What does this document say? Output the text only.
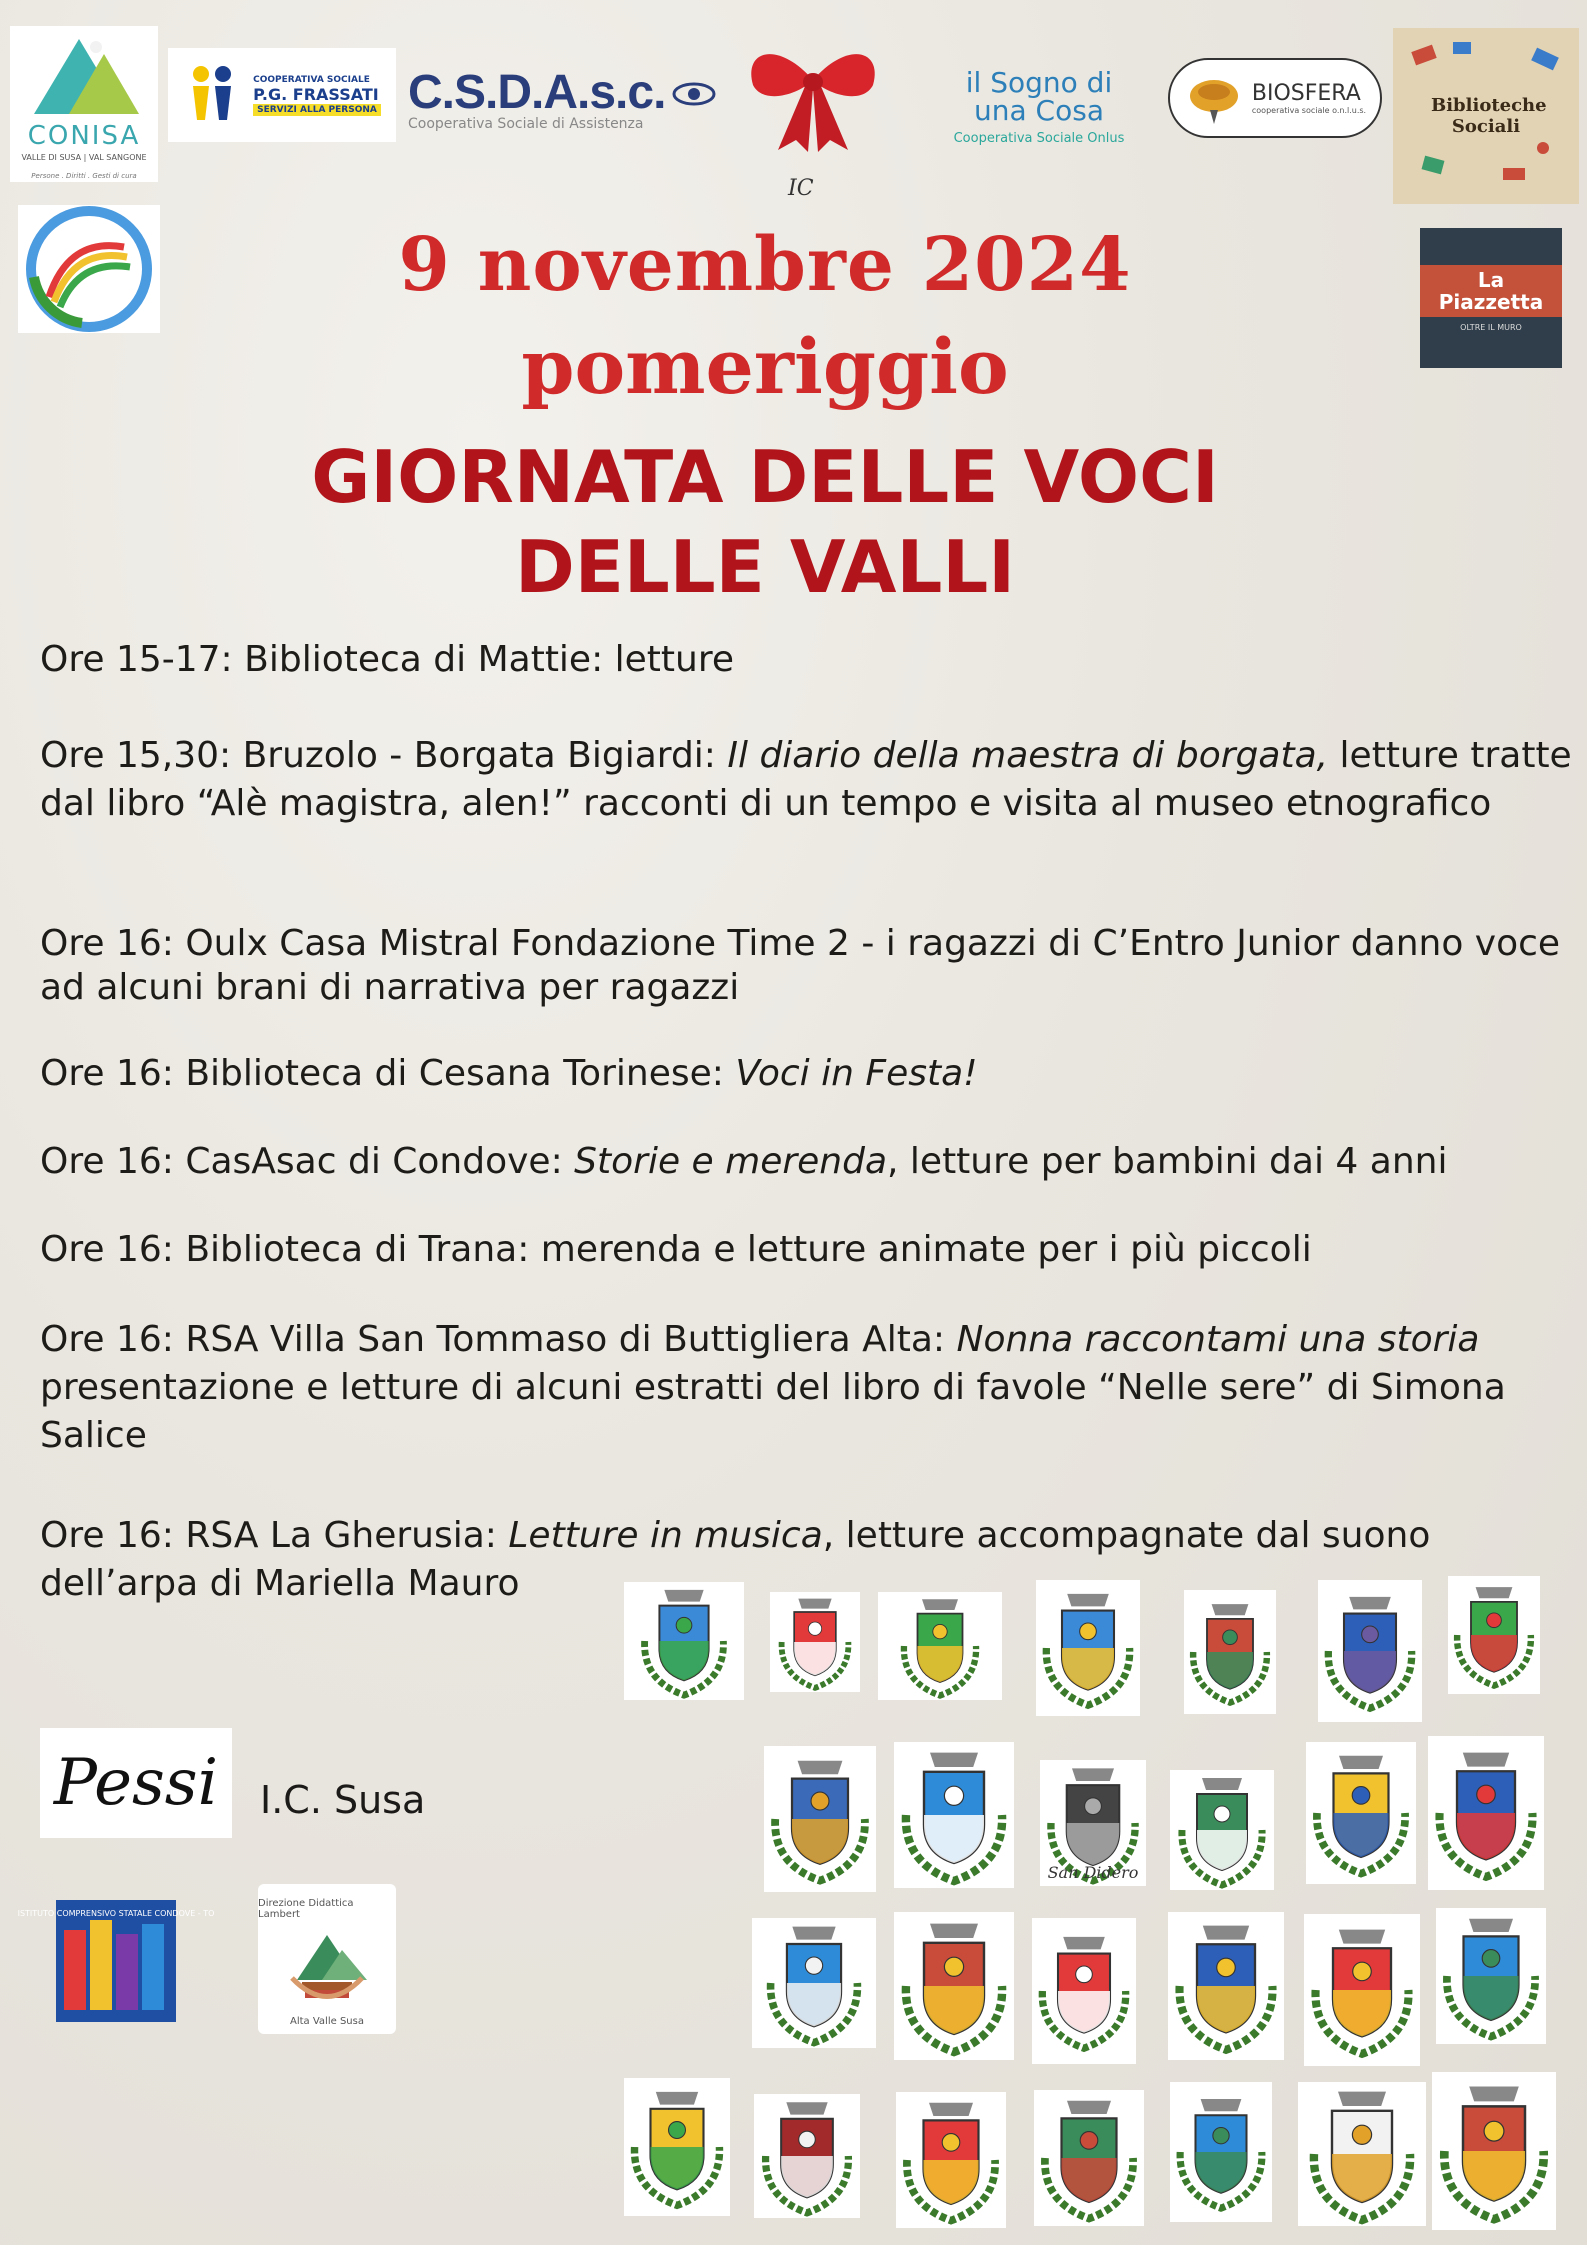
CONISA
VALLE DI SUSA | VAL SANGONE
Persone . Diritti . Gesti di cura
COOPERATIVA SOCIALE
P.G. FRASSATI
SERVIZI ALLA PERSONA C.S.D.A.s.c.
Cooperativa Sociale di Assistenza
IC
il Sogno di una Cosa
Cooperativa Sociale Onlus
BIOSFERA
cooperativa sociale o.n.l.u.s.	Biblioteche Sociali
La Piazzetta
OLTRE IL MURO
9 novembre 2024
pomeriggio
GIORNATA DELLE VOCI
DELLE VALLI
Ore 15-17: Biblioteca di Mattie: letture
Ore 15,30: Bruzolo - Borgata Bigiardi: Il diario della maestra di borgata, letture tratte dal libro “Alè magistra, alen!” racconti di un tempo e visita al museo etnografico
Ore 16: Oulx Casa Mistral Fondazione Time 2 - i ragazzi di C’Entro Junior danno voce ad alcuni brani di narrativa per ragazzi
Ore 16: Biblioteca di Cesana Torinese: Voci in Festa!
Ore 16: CasAsac di Condove: Storie e merenda, letture per bambini dai 4 anni
Ore 16: Biblioteca di Trana: merenda e letture animate per i più piccoli
Ore 16: RSA Villa San Tommaso di Buttigliera Alta: Nonna raccontami una storia presentazione e letture di alcuni estratti del libro di favole “Nelle sere” di Simona Salice
Ore 16: RSA La Gherusia: Letture in musica, letture accompagnate dal suono dell’arpa di Mariella Mauro
Pessi I.C. Susa
ISTITUTO COMPRENSIVO STATALE CONDOVE - TO
Direzione Didattica Lambert
Alta Valle Susa
San Didero
